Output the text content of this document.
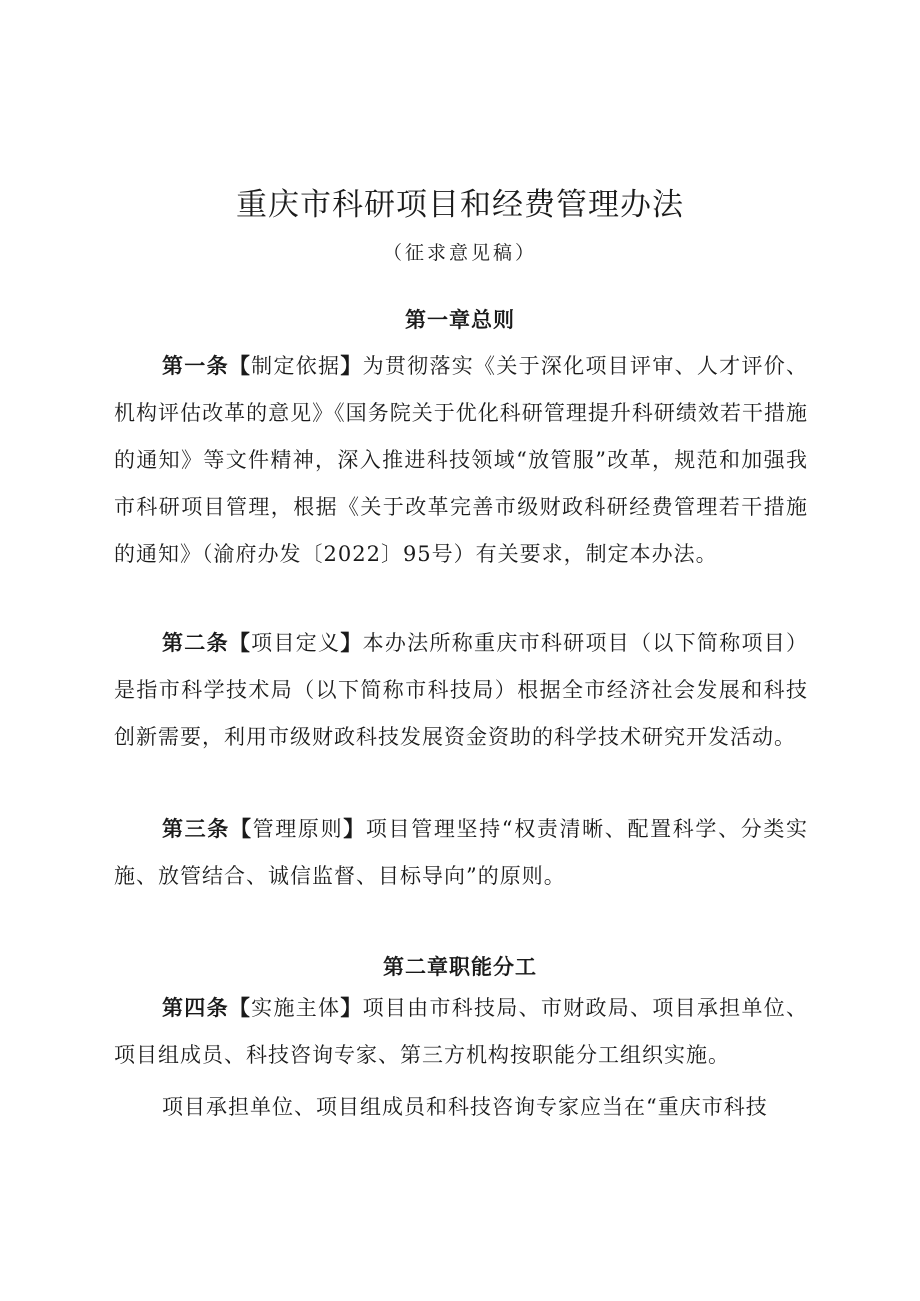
重庆市科研项目和经费管理办法
（征求意见稿）
第一章总则

第一条【制定依据】为贯彻落实《关于深化项目评审、人才评价、机构评估改革的意见》《国务院关于优化科研管理提升科研绩效若干措施的通知》等文件精神，深入推进科技领域“放管服”改革，规范和加强我市科研项目管理，根据《关于改革完善市级财政科研经费管理若干措施的通知》（渝府办发〔2022〕95号）有关要求，制定本办法。

第二条【项目定义】本办法所称重庆市科研项目（以下简称项目）是指市科学技术局（以下简称市科技局）根据全市经济社会发展和科技创新需要，利用市级财政科技发展资金资助的科学技术研究开发活动。

第三条【管理原则】项目管理坚持“权责清晰、配置科学、分类实施、放管结合、诚信监督、目标导向”的原则。

第二章职能分工

第四条【实施主体】项目由市科技局、市财政局、项目承担单位、项目组成员、科技咨询专家、第三方机构按职能分工组织实施。

项目承担单位、项目组成员和科技咨询专家应当在“重庆市科技
